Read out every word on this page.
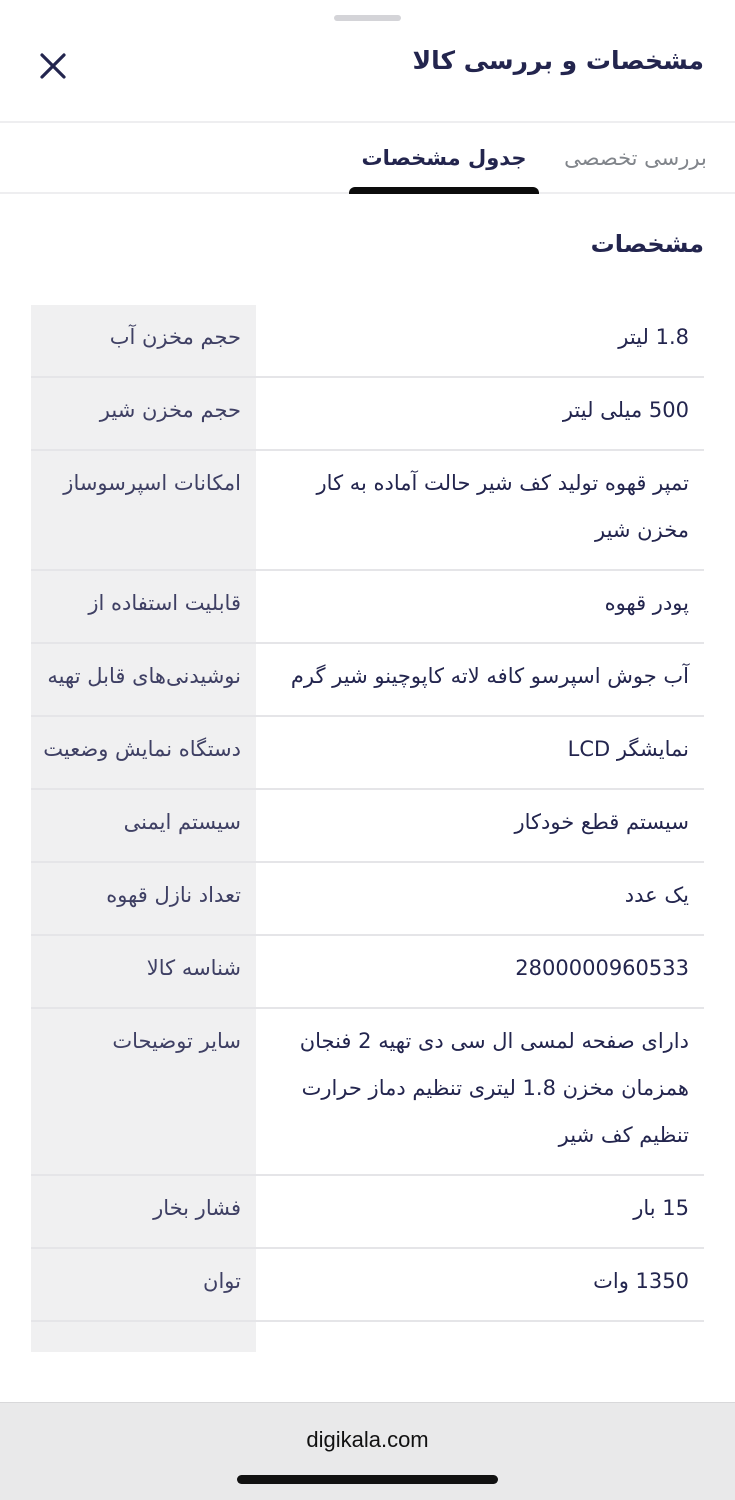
مشخصات و بررسی کالا
بررسی تخصصی
جدول مشخصات
مشخصات
حجم مخزن آب	1.8 لیتر
حجم مخزن شیر	500 میلی لیتر
امکانات اسپرسوساز	تمپر قهوه تولید کف شیر حالت آماده به کار مخزن شیر
قابلیت استفاده از	پودر قهوه
نوشیدنی‌های قابل تهیه	آب جوش اسپرسو کافه لاته کاپوچینو شیر گرم
دستگاه نمایش وضعیت	نمایشگر LCD
سیستم ایمنی	سیستم قطع خودکار
تعداد نازل قهوه	یک عدد
شناسه کالا	2800000960533
سایر توضیحات	دارای صفحه لمسی ال سی دی تهیه 2 فنجان همزمان مخزن 1.8 لیتری تنظیم دماز حرارت تنظیم کف شیر
فشار بخار	15 بار
توان	1350 وات
digikala.com
